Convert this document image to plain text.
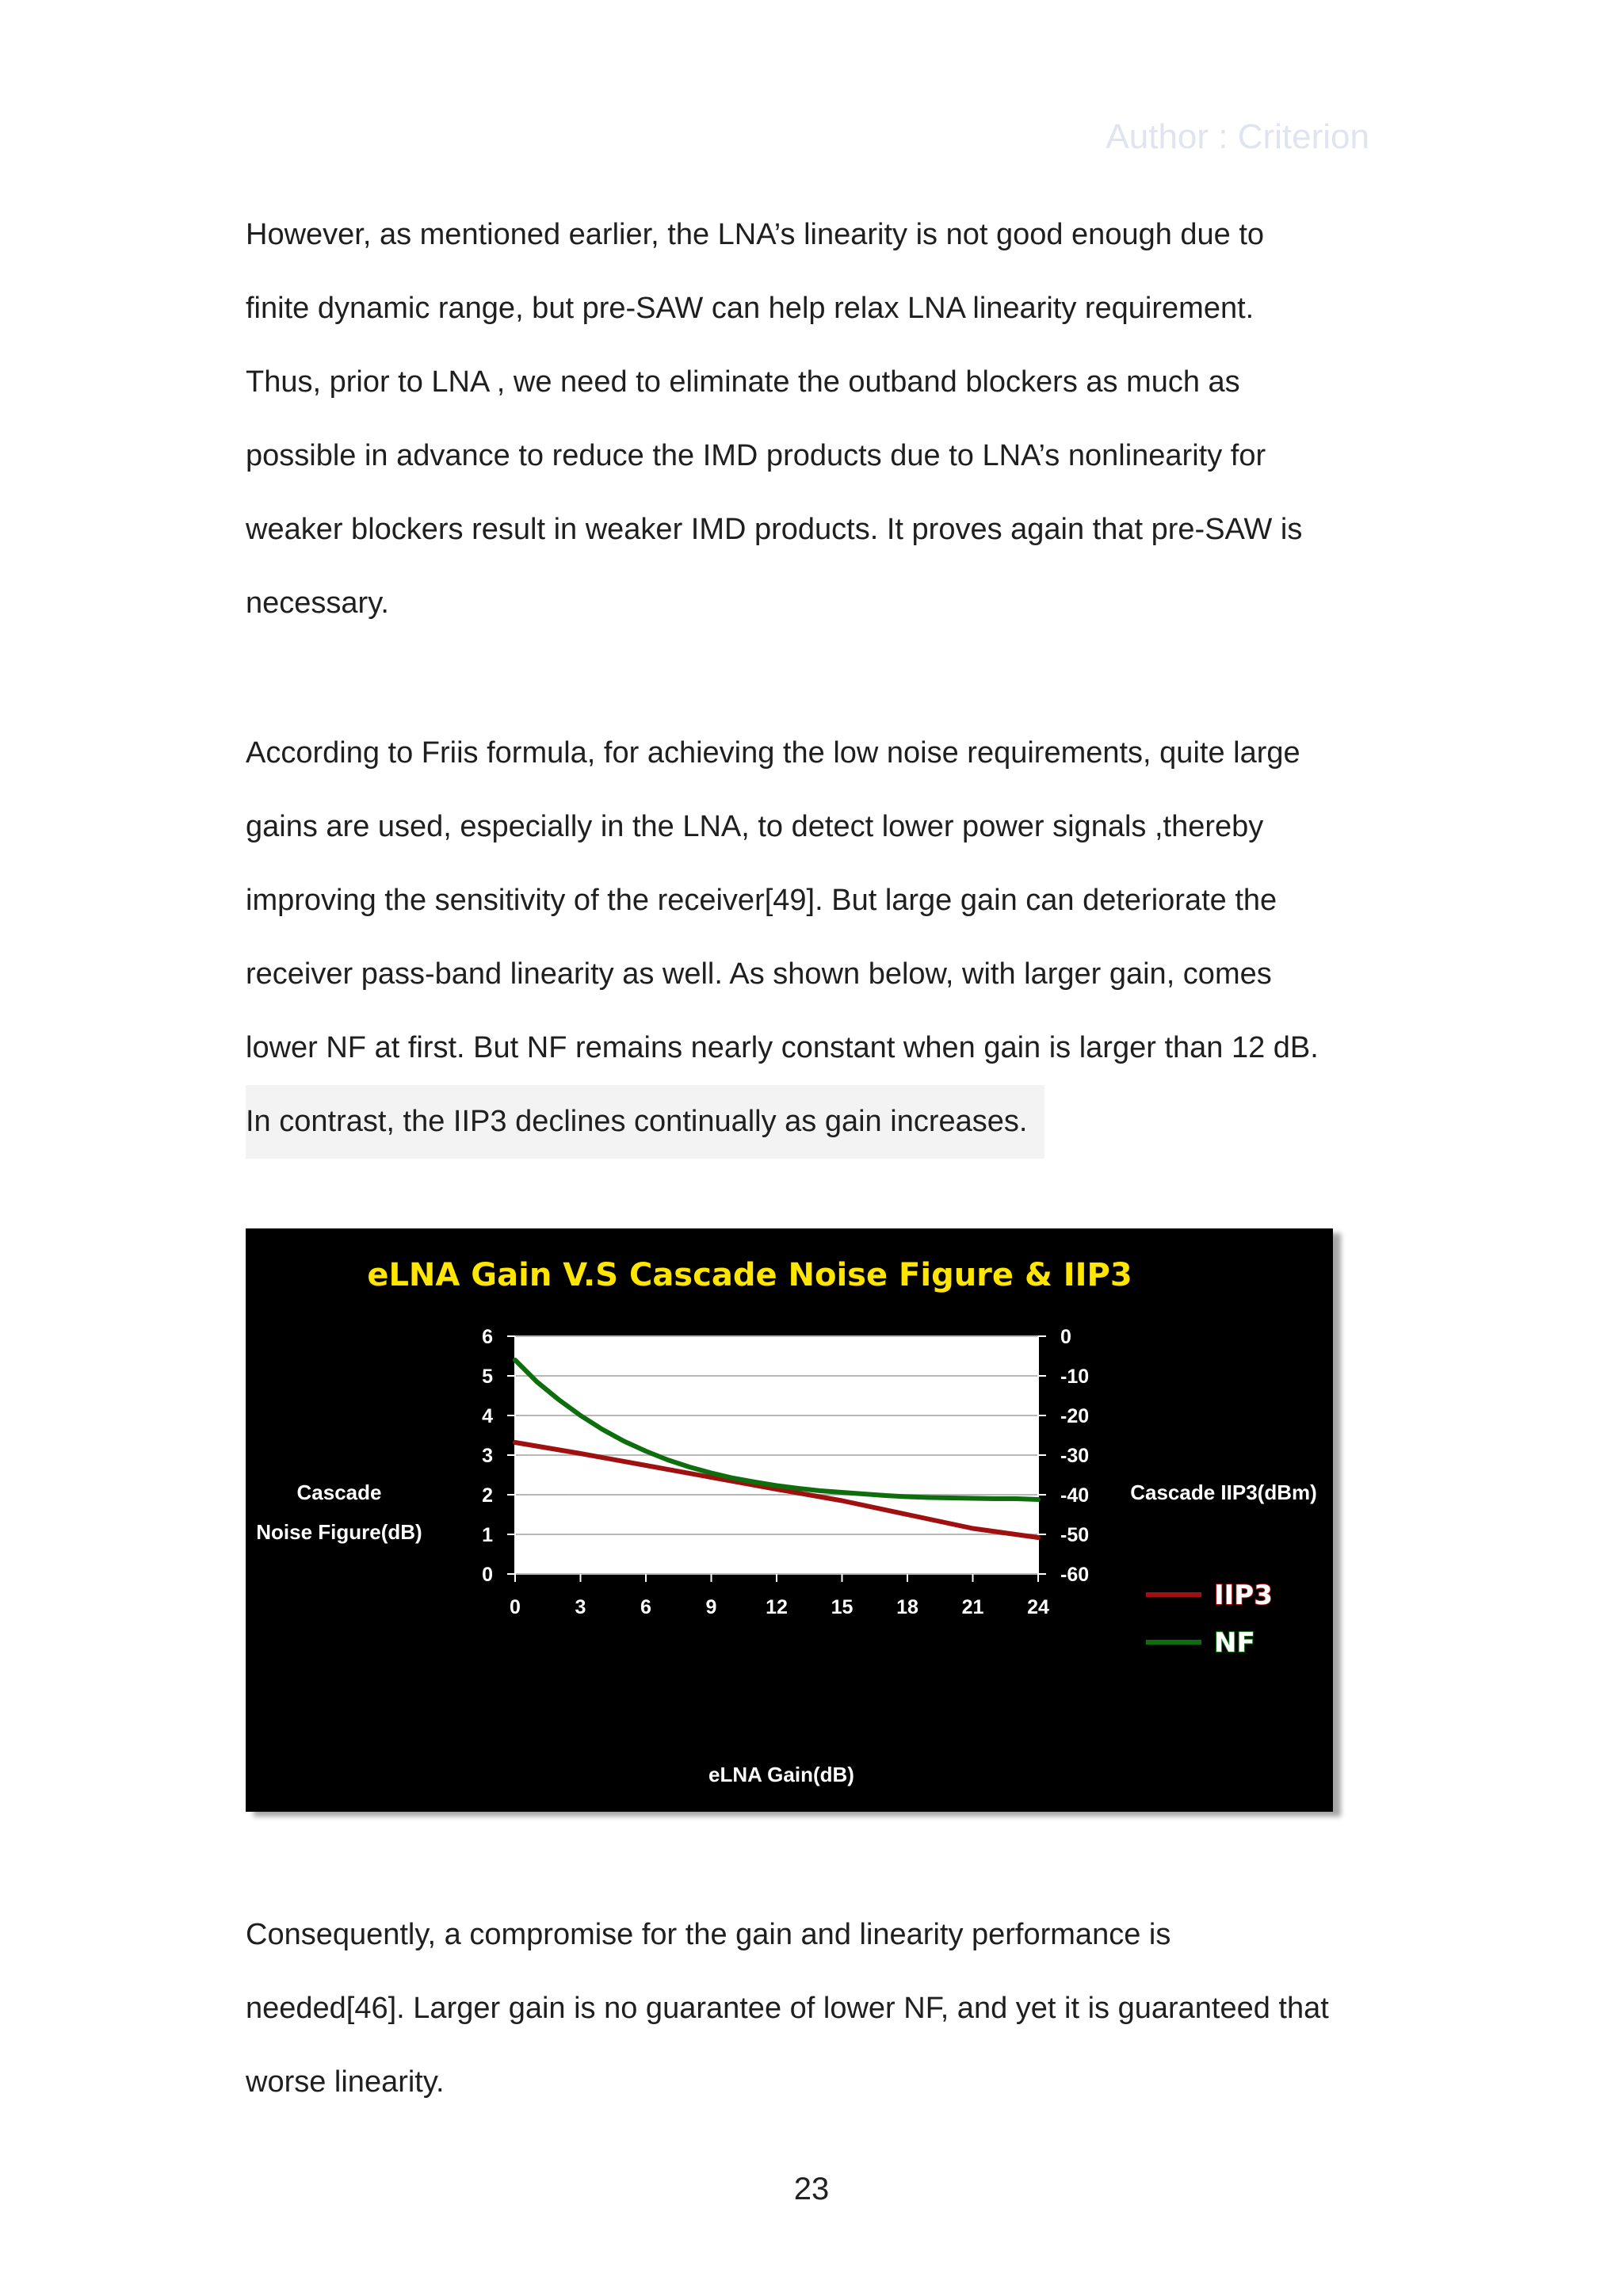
Author : Criterion
However, as mentioned earlier, the LNA’s linearity is not good enough due to
finite dynamic range, but pre-SAW can help relax LNA linearity requirement.
Thus, prior to LNA , we need to eliminate the outband blockers as much as
possible in advance to reduce the IMD products due to LNA’s nonlinearity for
weaker blockers result in weaker IMD products. It proves again that pre-SAW is
necessary.
According to Friis formula, for achieving the low noise requirements, quite large
gains are used, especially in the LNA, to detect lower power signals ,thereby
improving the sensitivity of the receiver[49]. But large gain can deteriorate the
receiver pass-band linearity as well. As shown below, with larger gain, comes
lower NF at first. But NF remains nearly constant when gain is larger than 12 dB.
In contrast, the IIP3 declines continually as gain increases.
eLNA Gain V.S Cascade Noise Figure & IIP3
0
1
2
3
4
5
6
-60
-50
-40
-30
-20
-10
0
0	3	6	9 12 15 18 21 24
Cascade
Noise Figure(dB)
Cascade IIP3(dBm)
eLNA Gain(dB)
IIP3
NF
Consequently, a compromise for the gain and linearity performance is
needed[46]. Larger gain is no guarantee of lower NF, and yet it is guaranteed that
worse linearity.
23
